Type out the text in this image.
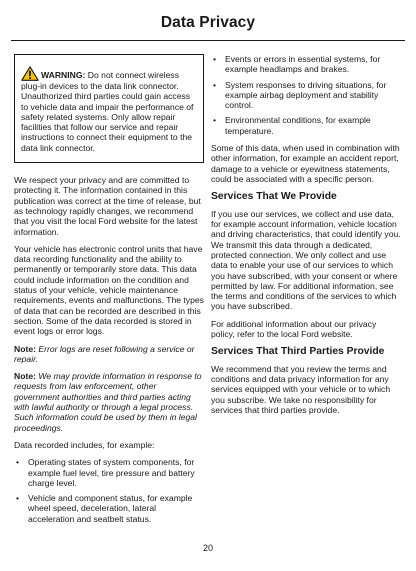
Data Privacy
WARNING: Do not connect wireless plug-in devices to the data link connector. Unauthorized third parties could gain access to vehicle data and impair the performance of safety related systems. Only allow repair facilities that follow our service and repair instructions to connect their equipment to the data link connector.

We respect your privacy and are committed to protecting it. The information contained in this publication was correct at the time of release, but as technology rapidly changes, we recommend that you visit the local Ford website for the latest information.

Your vehicle has electronic control units that have data recording functionality and the ability to permanently or temporarily store data. This data could include information on the condition and status of your vehicle, vehicle maintenance requirements, events and malfunctions. The types of data that can be recorded are described in this section. Some of the data recorded is stored in event logs or error logs.

Note: Error logs are reset following a service or repair.

Note: We may provide information in response to requests from law enforcement, other government authorities and third parties acting with lawful authority or through a legal process. Such information could be used by them in legal proceedings.

Data recorded includes, for example:

• Operating states of system components, for example fuel level, tire pressure and battery charge level.
• Vehicle and component status, for example wheel speed, deceleration, lateral acceleration and seatbelt status.
• Events or errors in essential systems, for example headlamps and brakes.
• System responses to driving situations, for example airbag deployment and stability control.
• Environmental conditions, for example temperature.

Some of this data, when used in combination with other information, for example an accident report, damage to a vehicle or eyewitness statements, could be associated with a specific person.

Services That We Provide

If you use our services, we collect and use data, for example account information, vehicle location and driving characteristics, that could identify you. We transmit this data through a dedicated, protected connection. We only collect and use data to enable your use of our services to which you have subscribed, with your consent or where permitted by law. For additional information, see the terms and conditions of the services to which you have subscribed.

For additional information about our privacy policy, refer to the local Ford website.

Services That Third Parties Provide

We recommend that you review the terms and conditions and data privacy information for any services equipped with your vehicle or to which you subscribe. We take no responsibility for services that third parties provide.

20
